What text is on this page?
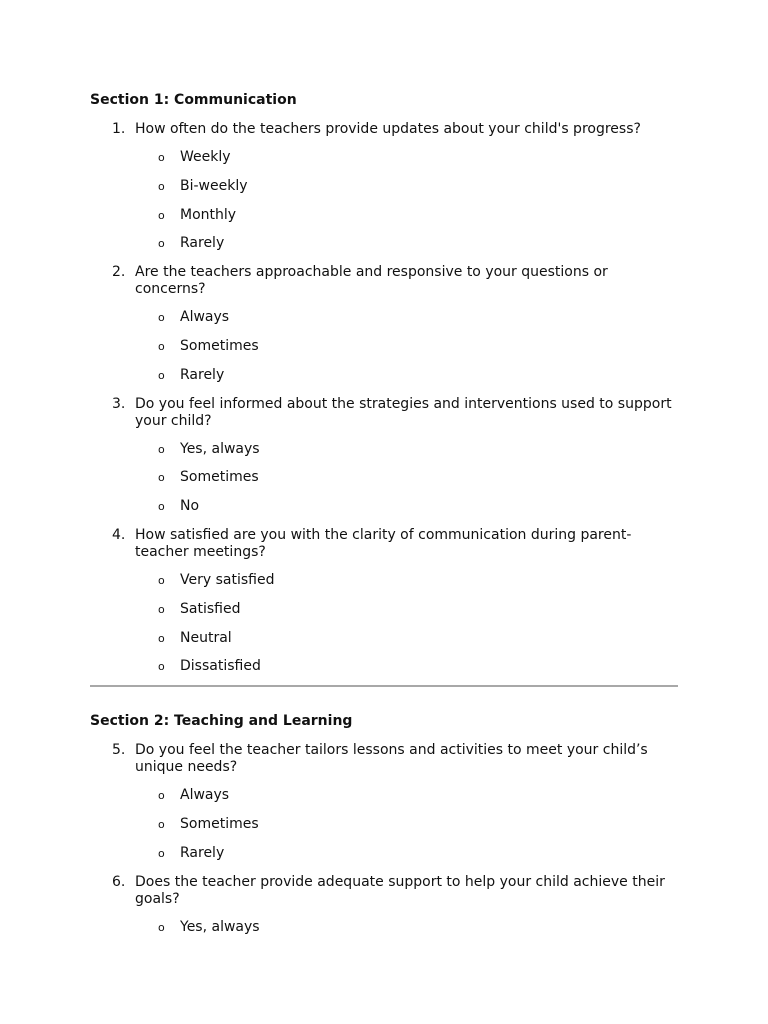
Section 1: Communication
1. How often do the teachers provide updates about your child's progress?
o Weekly
o Bi-weekly
o Monthly
o Rarely
2. Are the teachers approachable and responsive to your questions or concerns?
o Always
o Sometimes
o Rarely
3. Do you feel informed about the strategies and interventions used to support your child?
o Yes, always
o Sometimes
o No
4. How satisfied are you with the clarity of communication during parent-teacher meetings?
o Very satisfied
o Satisfied
o Neutral
o Dissatisfied
Section 2: Teaching and Learning
5. Do you feel the teacher tailors lessons and activities to meet your child’s unique needs?
o Always
o Sometimes
o Rarely
6. Does the teacher provide adequate support to help your child achieve their goals?
o Yes, always
